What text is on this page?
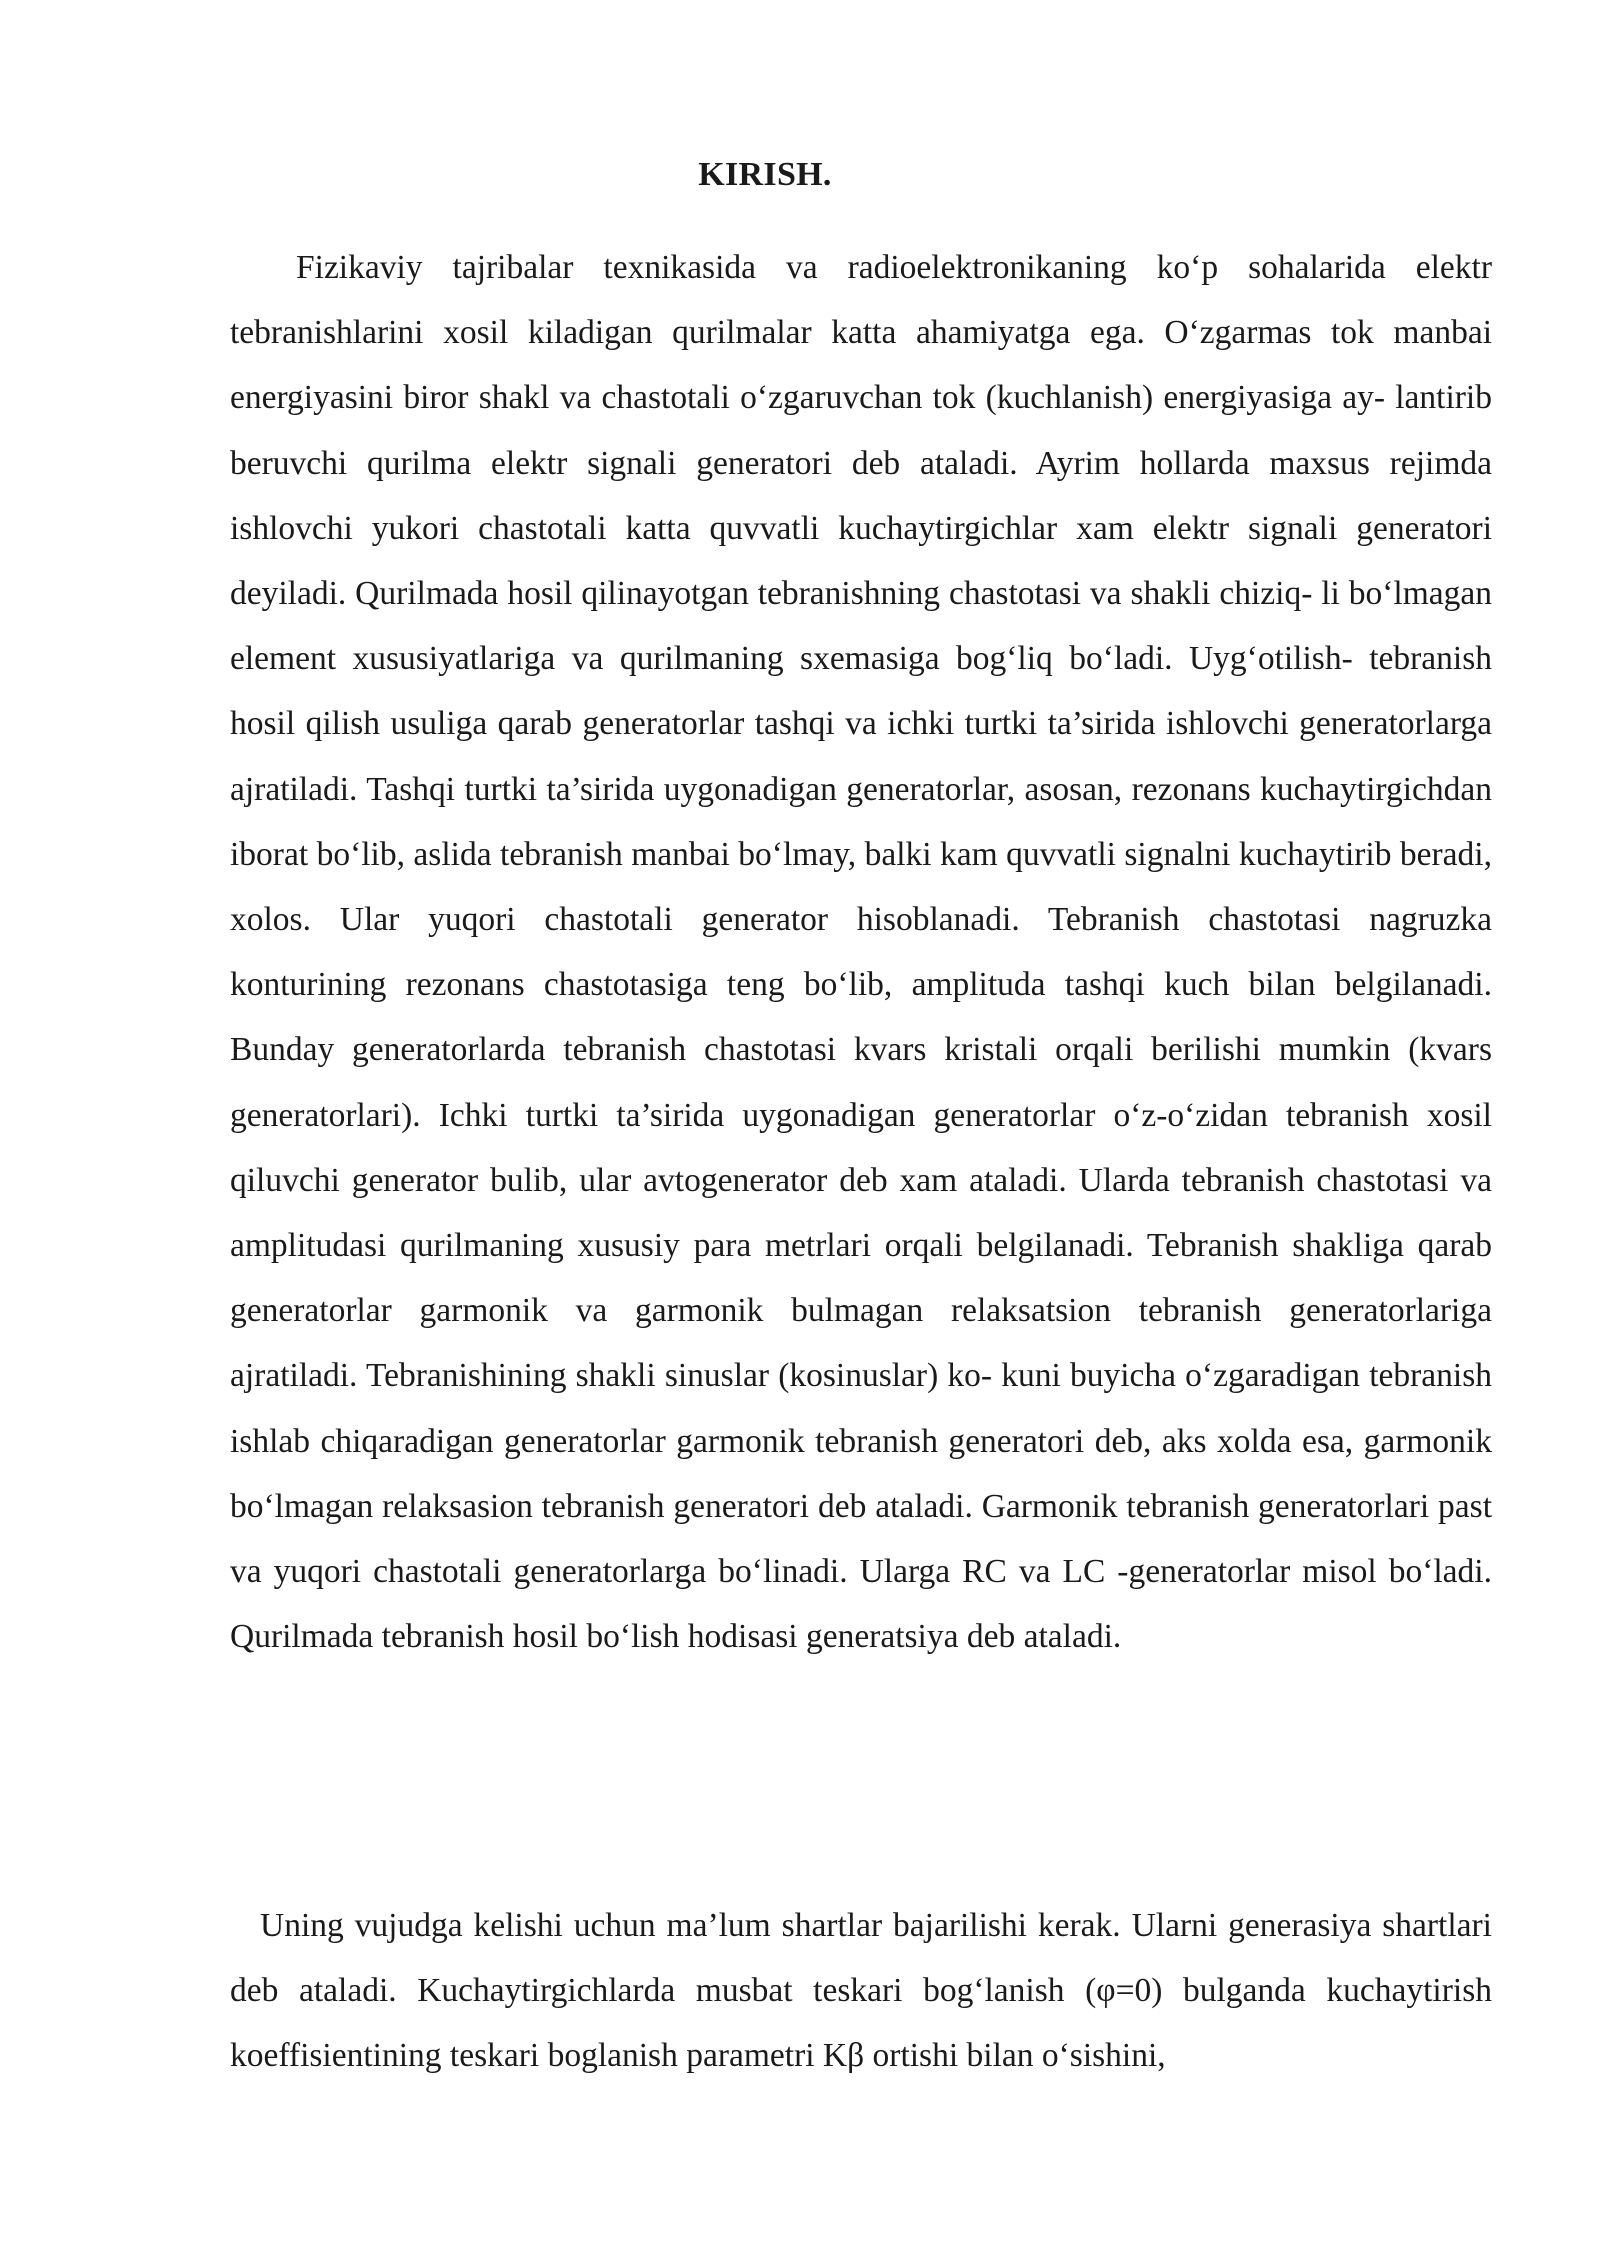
KIRISH.

Fizikaviy tajribalar texnikasida va radioelektronikaning ko‘p sohalarida elektr tebranishlarini xosil kiladigan qurilmalar katta ahamiyatga ega. O‘zgarmas tok manbai energiyasini biror shakl va chastotali o‘zgaruvchan tok (kuchlanish) energiyasiga ay- lantirib beruvchi qurilma elektr signali generatori deb ataladi. Ayrim hollarda maxsus rejimda ishlovchi yukori chastotali katta quvvatli kuchaytirgichlar xam elektr signali generatori deyiladi. Qurilmada hosil qilinayotgan tebranishning chastotasi va shakli chiziq- li bo‘lmagan element xususiyatlariga va qurilmaning sxemasiga bog‘liq bo‘ladi. Uyg‘otilish- tebranish hosil qilish usuliga qarab generatorlar tashqi va ichki turtki ta’sirida ishlovchi generatorlarga ajratiladi. Tashqi turtki ta’sirida uygonadigan generatorlar, asosan, rezonans kuchaytirgichdan iborat bo‘lib, aslida tebranish manbai bo‘lmay, balki kam quvvatli signalni kuchaytirib beradi, xolos. Ular yuqori chastotali generator hisoblanadi. Tebranish chastotasi nagruzka konturining rezonans chastotasiga teng bo‘lib, amplituda tashqi kuch bilan belgilanadi. Bunday generatorlarda tebranish chastotasi kvars kristali orqali berilishi mumkin (kvars generatorlari). Ichki turtki ta’sirida uygonadigan generatorlar o‘z-o‘zidan tebranish xosil qiluvchi generator bulib, ular avtogenerator deb xam ataladi. Ularda tebranish chastotasi va amplitudasi qurilmaning xususiy para metrlari orqali belgilanadi. Tebranish shakliga qarab generatorlar garmonik va garmonik bulmagan relaksatsion tebranish generatorlariga ajratiladi. Tebranishining shakli sinuslar (kosinuslar) ko- kuni buyicha o‘zgaradigan tebranish ishlab chiqaradigan generatorlar garmonik tebranish generatori deb, aks xolda esa, garmonik bo‘lmagan relaksasion tebranish generatori deb ataladi. Garmonik tebranish generatorlari past va yuqori chastotali generatorlarga bo‘linadi. Ularga RC va LC -generatorlar misol bo‘ladi. Qurilmada tebranish hosil bo‘lish hodisasi generatsiya deb ataladi.

Uning vujudga kelishi uchun ma’lum shartlar bajarilishi kerak. Ularni generasiya shartlari deb ataladi. Kuchaytirgichlarda musbat teskari bog‘lanish (φ=0) bulganda kuchaytirish koeffisientining teskari boglanish parametri Kβ ortishi bilan o‘sishini,
